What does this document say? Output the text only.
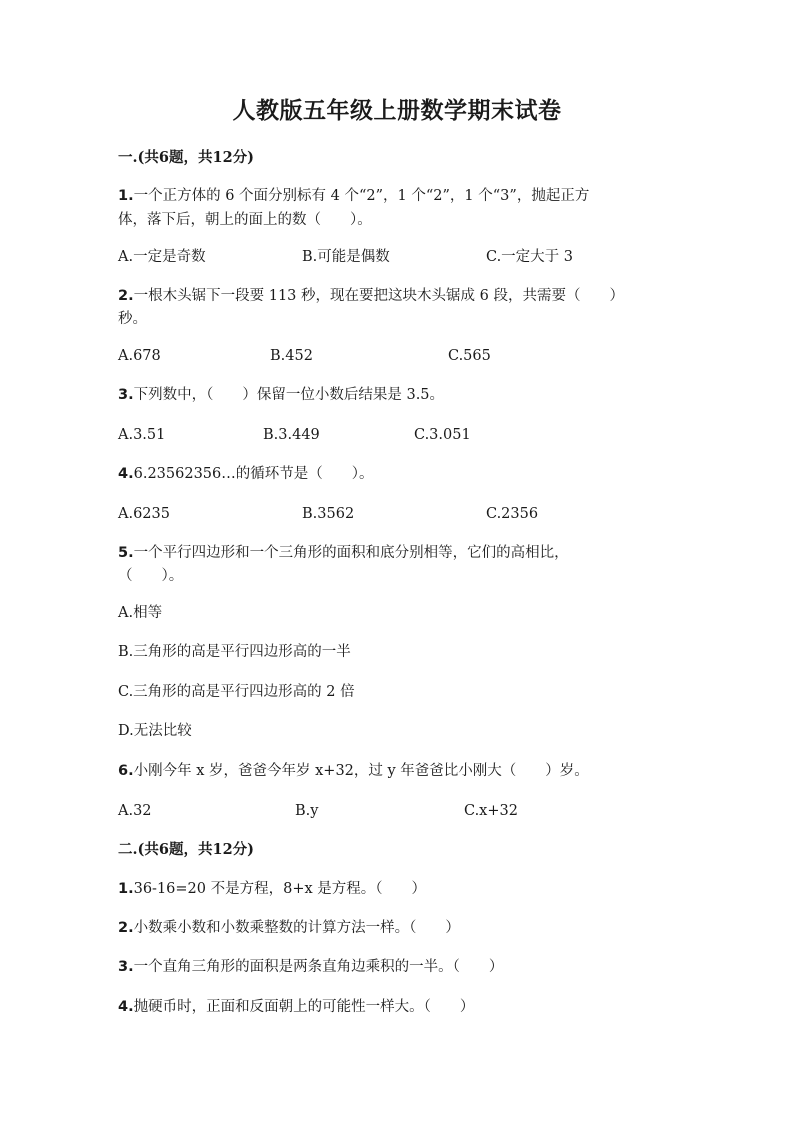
人教版五年级上册数学期末试卷
一.(共6题，共12分)
1.一个正方体的 6 个面分别标有 4 个“2”，1 个“2”，1 个“3”，抛起正方
体，落下后，朝上的面上的数（　　）。
A.一定是奇数	B.可能是偶数	C.一定大于 3
2.一根木头锯下一段要 113 秒，现在要把这块木头锯成 6 段，共需要（　　）
秒。
A.678	B.452	C.565
3.下列数中，（　　）保留一位小数后结果是 3.5。
A.3.51	B.3.449	C.3.051
4.6.23562356…的循环节是（　　）。
A.6235	B.3562	C.2356
5.一个平行四边形和一个三角形的面积和底分别相等，它们的高相比，
（　　）。
A.相等
B.三角形的高是平行四边形高的一半
C.三角形的高是平行四边形高的 2 倍
D.无法比较
6.小刚今年 x 岁，爸爸今年岁 x+32，过 y 年爸爸比小刚大（　　）岁。
A.32	B.y	C.x+32
二.(共6题，共12分)
1.36-16=20 不是方程，8+x 是方程。（　　）
2.小数乘小数和小数乘整数的计算方法一样。（　　）
3.一个直角三角形的面积是两条直角边乘积的一半。（　　）
4.抛硬币时，正面和反面朝上的可能性一样大。（　　）
